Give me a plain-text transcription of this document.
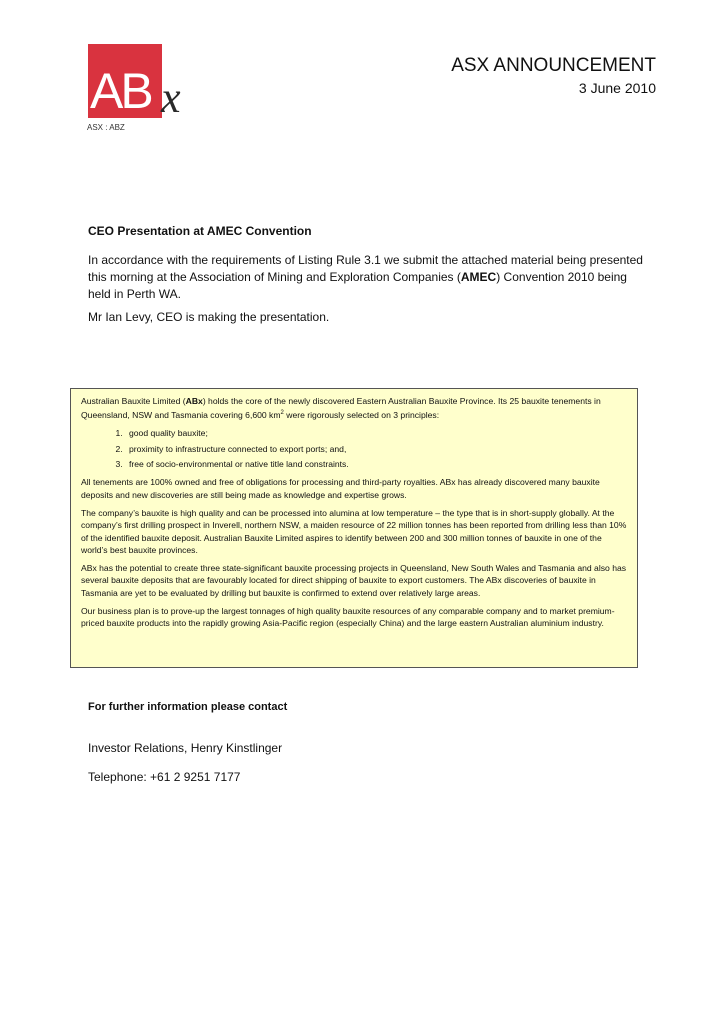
AB x
ASX : ABZ
ASX ANNOUNCEMENT
3 June 2010
CEO Presentation at AMEC Convention

In accordance with the requirements of Listing Rule 3.1 we submit the attached material being presented this morning at the Association of Mining and Exploration Companies (AMEC) Convention 2010 being held in Perth WA.

Mr Ian Levy, CEO is making the presentation.

Australian Bauxite Limited (ABx) holds the core of the newly discovered Eastern Australian Bauxite Province. Its 25 bauxite tenements in Queensland, NSW and Tasmania covering 6,600 $km^2$ were rigorously selected on 3 principles:

1. good quality bauxite;
2. proximity to infrastructure connected to export ports; and,
3. free of socio-environmental or native title land constraints.

All tenements are 100% owned and free of obligations for processing and third-party royalties. ABx has already discovered many bauxite deposits and new discoveries are still being made as knowledge and expertise grows.

The company’s bauxite is high quality and can be processed into alumina at low temperature – the type that is in short-supply globally. At the company’s first drilling prospect in Inverell, northern NSW, a maiden resource of 22 million tonnes has been reported from drilling less than 10% of the identified bauxite deposit. Australian Bauxite Limited aspires to identify between 200 and 300 million tonnes of bauxite in one of the world’s best bauxite provinces.

ABx has the potential to create three state-significant bauxite processing projects in Queensland, New South Wales and Tasmania and also has several bauxite deposits that are favourably located for direct shipping of bauxite to export customers. The ABx discoveries of bauxite in Tasmania are yet to be evaluated by drilling but bauxite is confirmed to extend over relatively large areas.

Our business plan is to prove-up the largest tonnages of high quality bauxite resources of any comparable company and to market premium-priced bauxite products into the rapidly growing Asia-Pacific region (especially China) and the large eastern Australian aluminium industry.

For further information please contact
Investor Relations, Henry Kinstlinger
Telephone: +61 2 9251 7177
